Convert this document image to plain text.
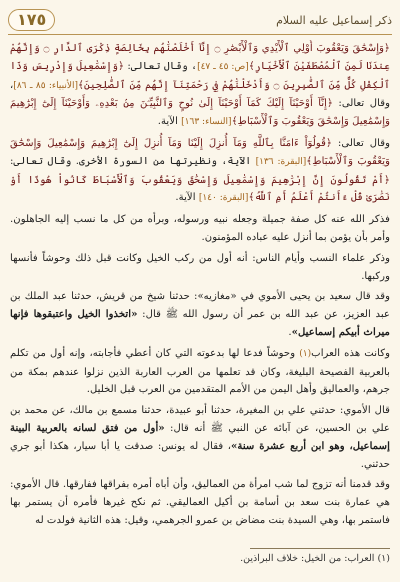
ذكر إسماعيل عليه السلام
١٧٥

﴿وَإِسْحَٰقَ وَيَعْقُوبَ أُوْلِي ٱلْأَيْدِي وَٱلْأَبْصَٰرِ ۝ إِنَّآ أَخْلَصْنَٰهُم بِخَالِصَةٍ ذِكْرَى ٱلدَّارِ ۝ وَإِنَّهُمْ عِندَنَا لَمِنَ ٱلْمُصْطَفَيْنَ ٱلْأَخْيَارِ﴾[ص: ٤٥ ـ ٤٧]، وقال تعالى: ﴿وَإِسْمَٰعِيلَ وَإِدْرِيسَ وَذَا ٱلْكِفْلِ كُلٌّ مِّنَ ٱلصَّٰبِرِينَ ۝ وَأَدْخَلْنَٰهُمْ فِي رَحْمَتِنَآ إِنَّهُم مِّنَ ٱلصَّٰلِحِينَ﴾[الأنبياء: ٨٥ ـ ٨٦]، وقال تعالى: ﴿إِنَّآ أَوْحَيْنَآ إِلَيْكَ كَمَآ أَوْحَيْنَآ إِلَىٰ نُوحٍ وَٱلنَّبِيِّـۧنَ مِنۢ بَعْدِهِۦ وَأَوْحَيْنَآ إِلَىٰٓ إِبْرَٰهِيمَ وَإِسْمَٰعِيلَ وَإِسْحَٰقَ وَيَعْقُوبَ وَٱلْأَسْبَاطِ﴾[النساء: ١٦٣] الآية.

وقال تعالى: ﴿قُولُوٓاْ ءَامَنَّا بِٱللَّهِ وَمَآ أُنزِلَ إِلَيْنَا وَمَآ أُنزِلَ إِلَىٰٓ إِبْرَٰهِيمَ وَإِسْمَٰعِيلَ وَإِسْحَٰقَ وَيَعْقُوبَ وَٱلْأَسْبَاطِ﴾[البقرة: ١٣٦] الآية، ونظيرتها من السورة الأخرى. وقال تعالى: ﴿أَمْ تَقُولُونَ إِنَّ إِبْرَٰهِيمَ وَإِسْمَٰعِيلَ وَإِسْحَٰقَ وَيَعْقُوبَ وَٱلْأَسْبَاطَ كَانُواْ هُودًا أَوْ نَصَٰرَىٰ قُلْ ءَأَنتُمْ أَعْلَمُ أَمِ ٱللَّهُ﴾[البقرة: ١٤٠] الآية.

فذكر الله عنه كل صفة جميلة وجعله نبيه ورسوله، وبرأه من كل ما نسب إليه الجاهلون. وأمر بأن يؤمن بما أنزل عليه عباده المؤمنون.

وذكر علماء النسب وأيام الناس: أنه أول من ركب الخيل وكانت قبل ذلك وحوشاً فأنسها وركبها.

وقد قال سعيد بن يحيى الأموي في «مغازيه»: حدثنا شيخ من قريش، حدثنا عبد الملك بن عبد العزيز، عن عبد الله بن عمر أن رسول الله ﷺ قال: «اتخذوا الخيل واعتبقوها فإنها ميراث أبيكم إسماعيل».

وكانت هذه العراب(١) وحوشاً فدعا لها بدعوته التي كان أعطي فأجابته، وإنه أول من تكلم بالعربية الفصيحة البليغة، وكان قد تعلمها من العرب العاربة الذين نزلوا عندهم بمكة من جرهم، والعماليق وأهل اليمن من الأمم المتقدمين من العرب قبل الخليل.

قال الأموي: حدثني علي بن المغيرة، حدثنا أبو عبيدة، حدثنا مسمع بن مالك، عن محمد بن علي بن الحسين، عن آبائه عن النبي ﷺ أنه قال: «أول من فتق لسانه بالعربية البينة إسماعيل، وهو ابن أربع عشرة سنة»، فقال له يونس: صدقت يا أبا سيار، هكذا أبو جري حدثني.

وقد قدمنا أنه تزوج لما شب امرأة من العماليق، وأن أباه أمره بفراقها ففارقها. قال الأموي: هي عمارة بنت سعد بن أسامة بن أكيل العماليقي. ثم نكح غيرها فأمره أن يستمر بها فاستمر بها، وهي السيدة بنت مضاض بن عمرو الجرهمي، وقيل: هذه الثانية فولدت له

(١) العراب: من الخيل: خلاف البراذين.
